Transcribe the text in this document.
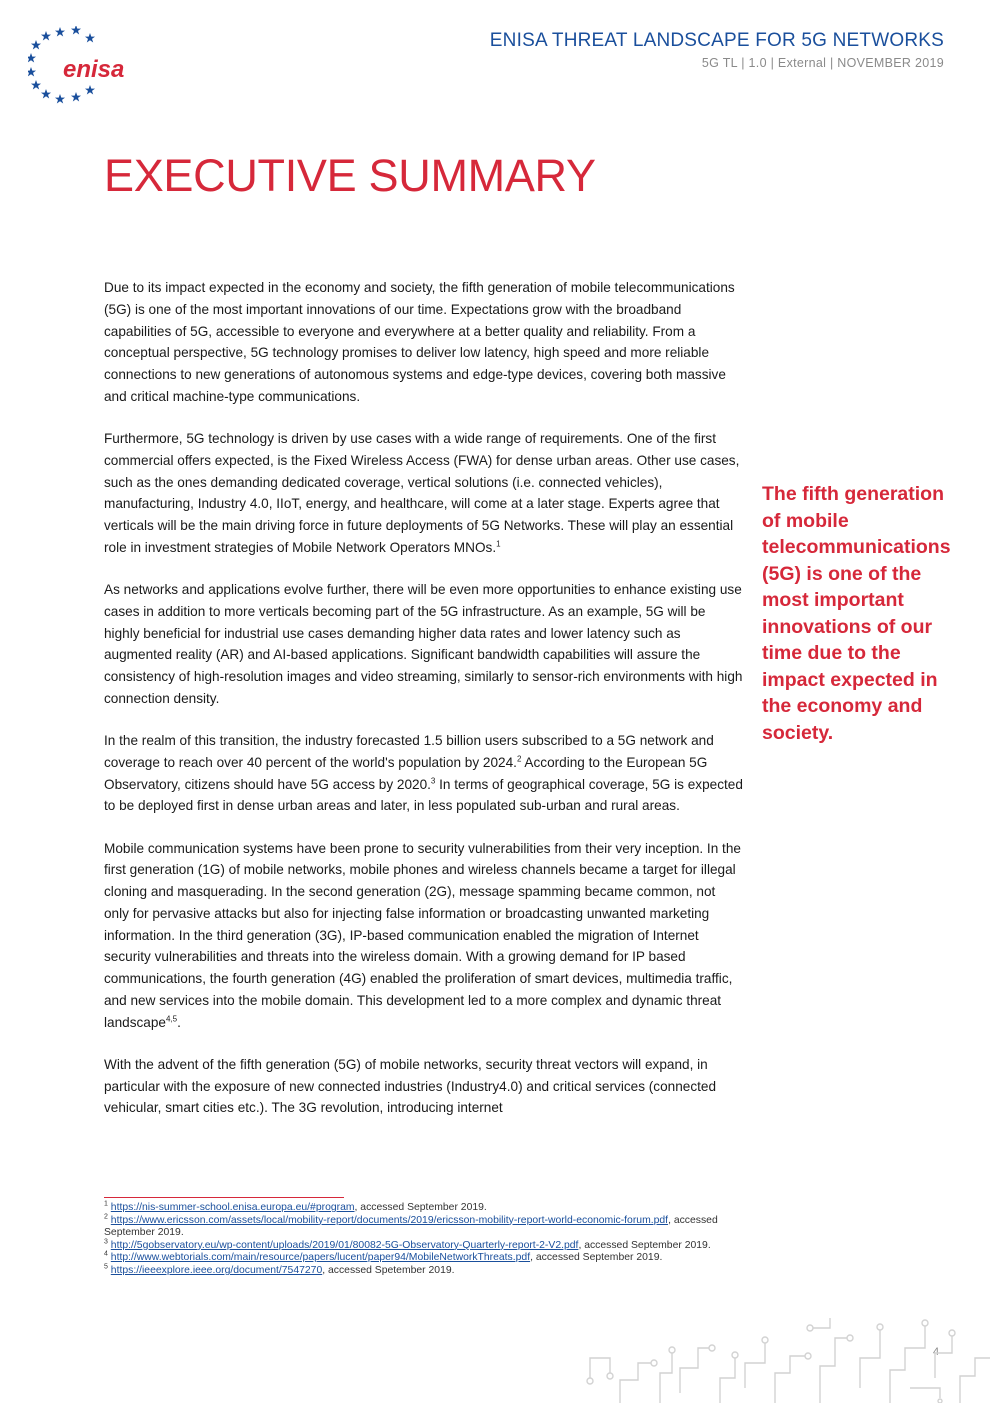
enisa
ENISA THREAT LANDSCAPE FOR 5G NETWORKS
5G TL | 1.0 | External | NOVEMBER 2019
EXECUTIVE SUMMARY

Due to its impact expected in the economy and society, the fifth generation of mobile telecommunications (5G) is one of the most important innovations of our time. Expectations grow with the broadband capabilities of 5G, accessible to everyone and everywhere at a better quality and reliability. From a conceptual perspective, 5G technology promises to deliver low latency, high speed and more reliable connections to new generations of autonomous systems and edge-type devices, covering both massive and critical machine-type communications.

Furthermore, 5G technology is driven by use cases with a wide range of requirements. One of the first commercial offers expected, is the Fixed Wireless Access (FWA) for dense urban areas. Other use cases, such as the ones demanding dedicated coverage, vertical solutions (i.e. connected vehicles), manufacturing, Industry 4.0, IIoT, energy, and healthcare, will come at a later stage. Experts agree that verticals will be the main driving force in future deployments of 5G Networks. These will play an essential role in investment strategies of Mobile Network Operators MNOs.$^1$

As networks and applications evolve further, there will be even more opportunities to enhance existing use cases in addition to more verticals becoming part of the 5G infrastructure. As an example, 5G will be highly beneficial for industrial use cases demanding higher data rates and lower latency such as augmented reality (AR) and AI-based applications. Significant bandwidth capabilities will assure the consistency of high-resolution images and video streaming, similarly to sensor-rich environments with high connection density.

In the realm of this transition, the industry forecasted 1.5 billion users subscribed to a 5G network and coverage to reach over 40 percent of the world's population by 2024.$^2$ According to the European 5G Observatory, citizens should have 5G access by 2020.$^3$ In terms of geographical coverage, 5G is expected to be deployed first in dense urban areas and later, in less populated sub-urban and rural areas.

Mobile communication systems have been prone to security vulnerabilities from their very inception. In the first generation (1G) of mobile networks, mobile phones and wireless channels became a target for illegal cloning and masquerading. In the second generation (2G), message spamming became common, not only for pervasive attacks but also for injecting false information or broadcasting unwanted marketing information. In the third generation (3G), IP-based communication enabled the migration of Internet security vulnerabilities and threats into the wireless domain. With a growing demand for IP based communications, the fourth generation (4G) enabled the proliferation of smart devices, multimedia traffic, and new services into the mobile domain. This development led to a more complex and dynamic threat landscape$^{4,5}$.

With the advent of the fifth generation (5G) of mobile networks, security threat vectors will expand, in particular with the exposure of new connected industries (Industry4.0) and critical services (connected vehicular, smart cities etc.). The 3G revolution, introducing internet

The fifth generation of mobile telecommunications (5G) is one of the most important innovations of our time due to the impact expected in the economy and society.

$^1$ https://nis-summer-school.enisa.europa.eu/#program, accessed September 2019.

$^2$ https://www.ericsson.com/assets/local/mobility-report/documents/2019/ericsson-mobility-report-world-economic-forum.pdf, accessed September 2019.

$^3$ http://5gobservatory.eu/wp-content/uploads/2019/01/80082-5G-Observatory-Quarterly-report-2-V2.pdf, accessed September 2019.

$^4$ http://www.webtorials.com/main/resource/papers/lucent/paper94/MobileNetworkThreats.pdf, accessed September 2019.

$^5$ https://ieeexplore.ieee.org/document/7547270, accessed Spetember 2019.

4
